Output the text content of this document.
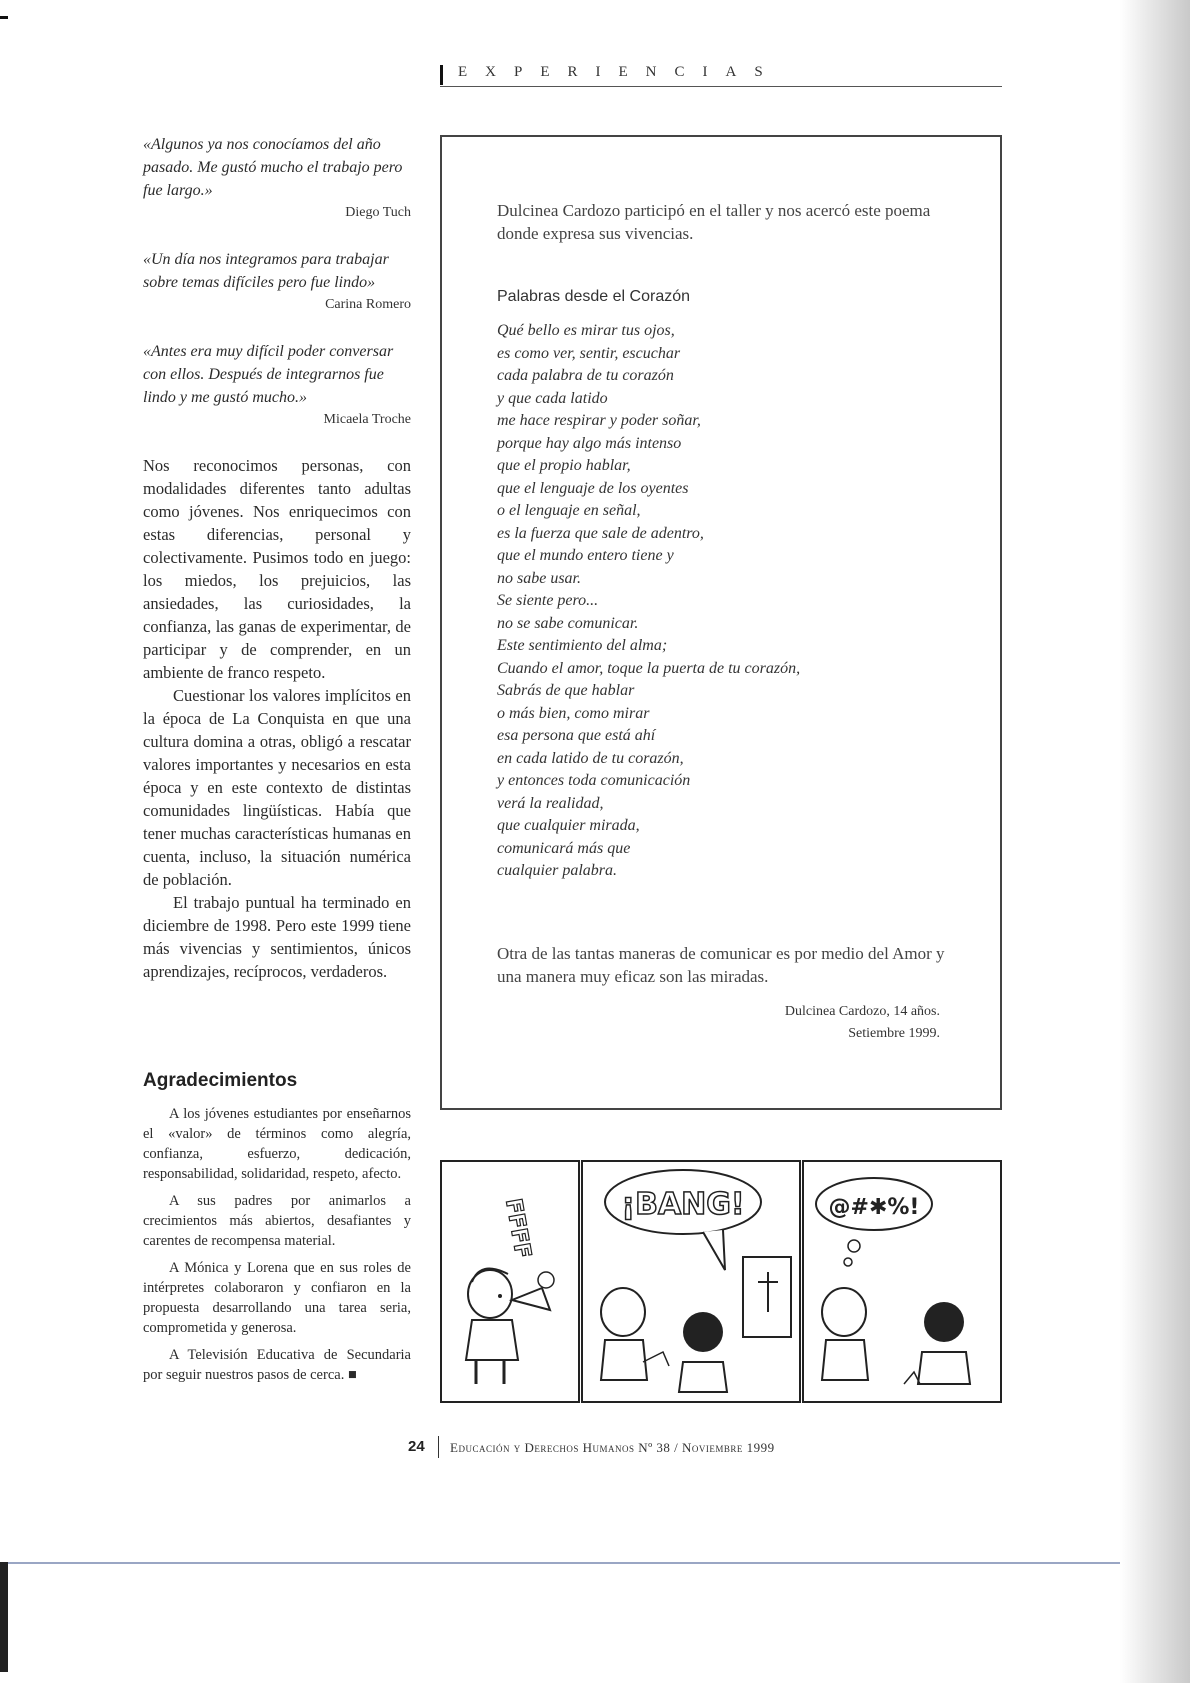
EXPERIENCIAS

«Algunos ya nos conocíamos del año pasado. Me gustó mucho el trabajo pero fue largo.»

Diego Tuch

«Un día nos integramos para trabajar sobre temas difíciles pero fue lindo»

Carina Romero

«Antes era muy difícil poder conversar con ellos. Después de integrarnos fue lindo y me gustó mucho.»

Micaela Troche

Nos reconocimos personas, con modalidades diferentes tanto adultas como jóvenes. Nos enriquecimos con estas diferencias, personal y colectivamente. Pusimos todo en juego: los miedos, los prejuicios, las ansiedades, las curiosidades, la confianza, las ganas de experimentar, de participar y de comprender, en un ambiente de franco respeto.

Cuestionar los valores implícitos en la época de La Conquista en que una cultura domina a otras, obligó a rescatar valores importantes y necesarios en esta época y en este contexto de distintas comunidades lingüísticas. Había que tener muchas características humanas en cuenta, incluso, la situación numérica de población.

El trabajo puntual ha terminado en diciembre de 1998. Pero este 1999 tiene más vivencias y sentimientos, únicos aprendizajes, recíprocos, verdaderos.

Agradecimientos

A los jóvenes estudiantes por enseñarnos el «valor» de términos como alegría, confianza, esfuerzo, dedicación, responsabilidad, solidaridad, respeto, afecto.

A sus padres por animarlos a crecimientos más abiertos, desafiantes y carentes de recompensa material.

A Mónica y Lorena que en sus roles de intérpretes colaboraron y confiaron en la propuesta desarrollando una tarea seria, comprometida y generosa.

A Televisión Educativa de Secundaria por seguir nuestros pasos de cerca. ■

Dulcinea Cardozo participó en el taller y nos acercó este poema donde expresa sus vivencias.

Palabras desde el Corazón

Qué bello es mirar tus ojos,
es como ver, sentir, escuchar
cada palabra de tu corazón
y que cada latido
me hace respirar y poder soñar,
porque hay algo más intenso
que el propio hablar,
que el lenguaje de los oyentes
o el lenguaje en señal,
es la fuerza que sale de adentro,
que el mundo entero tiene y
no sabe usar.
Se siente pero...
no se sabe comunicar.
Este sentimiento del alma;
Cuando el amor, toque la puerta de tu corazón,
Sabrás de que hablar
o más bien, como mirar
esa persona que está ahí
en cada latido de tu corazón,
y entonces toda comunicación
verá la realidad,
que cualquier mirada,
comunicará más que
cualquier palabra.

Otra de las tantas maneras de comunicar es por medio del Amor y una manera muy eficaz son las miradas.

Dulcinea Cardozo, 14 años.
Setiembre 1999.
FFFF	¡BANG!	@#✱%!
24 Educación y Derechos Humanos Nº 38 / Noviembre 1999
